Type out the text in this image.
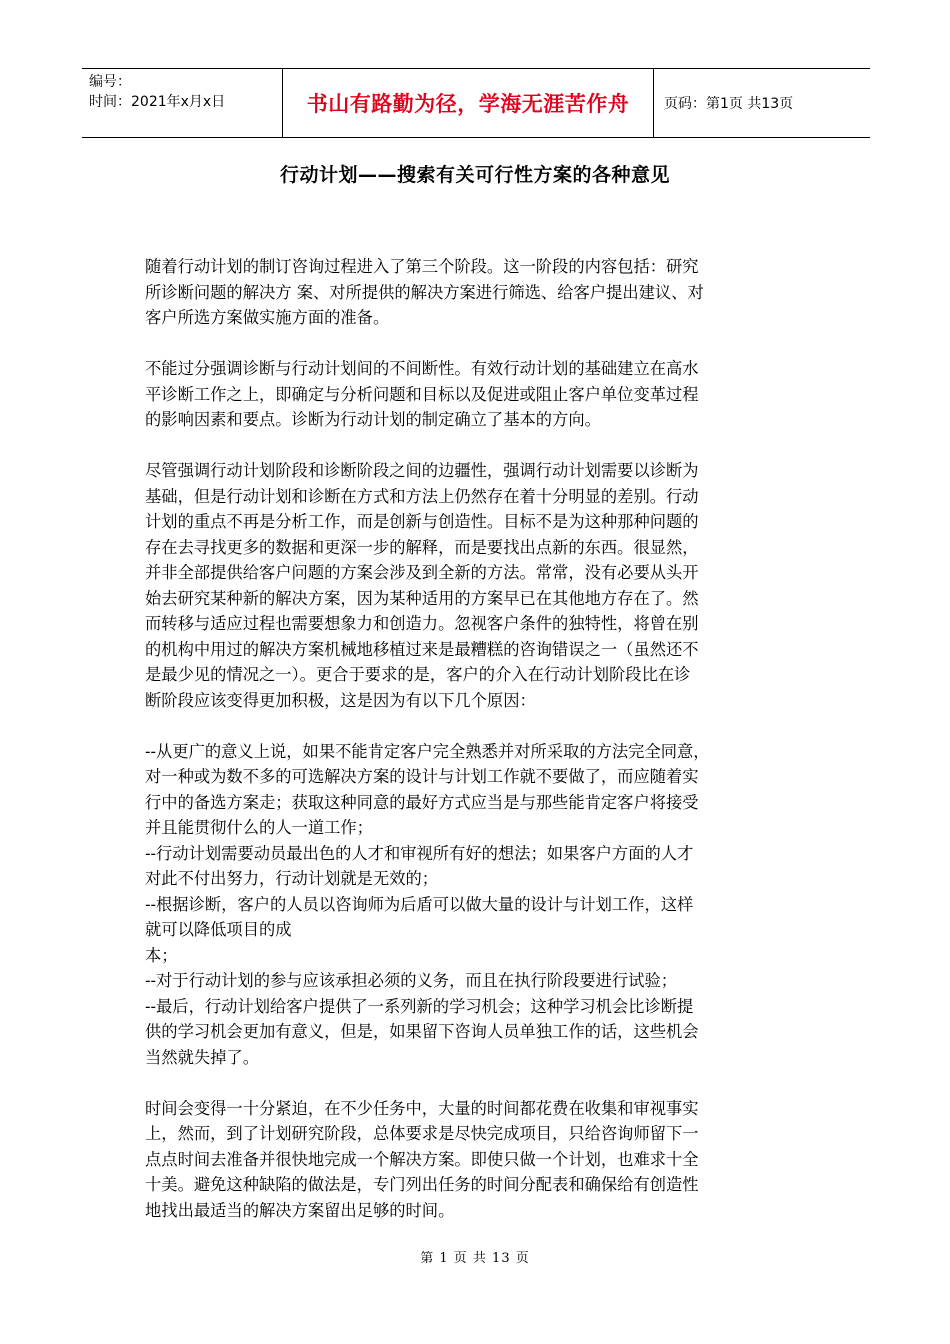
编号：
时间：2021年x月x日	书山有路勤为径，学海无涯苦作舟 页码：第1页 共13页
行动计划——搜索有关可行性方案的各种意见

随着行动计划的制订咨询过程进入了第三个阶段。这一阶段的内容包括：研究
所诊断问题的解决方 案、对所提供的解决方案进行筛选、给客户提出建议、对
客户所选方案做实施方面的准备。

不能过分强调诊断与行动计划间的不间断性。有效行动计划的基础建立在高水
平诊断工作之上，即确定与分析问题和目标以及促进或阻止客户单位变革过程
的影响因素和要点。诊断为行动计划的制定确立了基本的方向。

尽管强调行动计划阶段和诊断阶段之间的边疆性，强调行动计划需要以诊断为
基础，但是行动计划和诊断在方式和方法上仍然存在着十分明显的差别。行动
计划的重点不再是分析工作，而是创新与创造性。目标不是为这种那种问题的
存在去寻找更多的数据和更深一步的解释，而是要找出点新的东西。很显然，
并非全部提供给客户问题的方案会涉及到全新的方法。常常，没有必要从头开
始去研究某种新的解决方案，因为某种适用的方案早已在其他地方存在了。然
而转移与适应过程也需要想象力和创造力。忽视客户条件的独特性，将曾在别
的机构中用过的解决方案机械地移植过来是最糟糕的咨询错误之一（虽然还不
是最少见的情况之一）。更合于要求的是，客户的介入在行动计划阶段比在诊
断阶段应该变得更加积极，这是因为有以下几个原因：

--从更广的意义上说，如果不能肯定客户完全熟悉并对所采取的方法完全同意，
对一种或为数不多的可选解决方案的设计与计划工作就不要做了，而应随着实
行中的备选方案走；获取这种同意的最好方式应当是与那些能肯定客户将接受
并且能贯彻什么的人一道工作；
--行动计划需要动员最出色的人才和审视所有好的想法；如果客户方面的人才
对此不付出努力，行动计划就是无效的；
--根据诊断，客户的人员以咨询师为后盾可以做大量的设计与计划工作，这样
就可以降低项目的成
本；
--对于行动计划的参与应该承担必须的义务，而且在执行阶段要进行试验；
--最后，行动计划给客户提供了一系列新的学习机会；这种学习机会比诊断提
供的学习机会更加有意义，但是，如果留下咨询人员单独工作的话，这些机会
当然就失掉了。

时间会变得一十分紧迫，在不少任务中，大量的时间都花费在收集和审视事实
上，然而，到了计划研究阶段，总体要求是尽快完成项目，只给咨询师留下一
点点时间去准备并很快地完成一个解决方案。即使只做一个计划，也难求十全
十美。避免这种缺陷的做法是，专门列出任务的时间分配表和确保给有创造性
地找出最适当的解决方案留出足够的时间。

第 1 页 共 13 页
